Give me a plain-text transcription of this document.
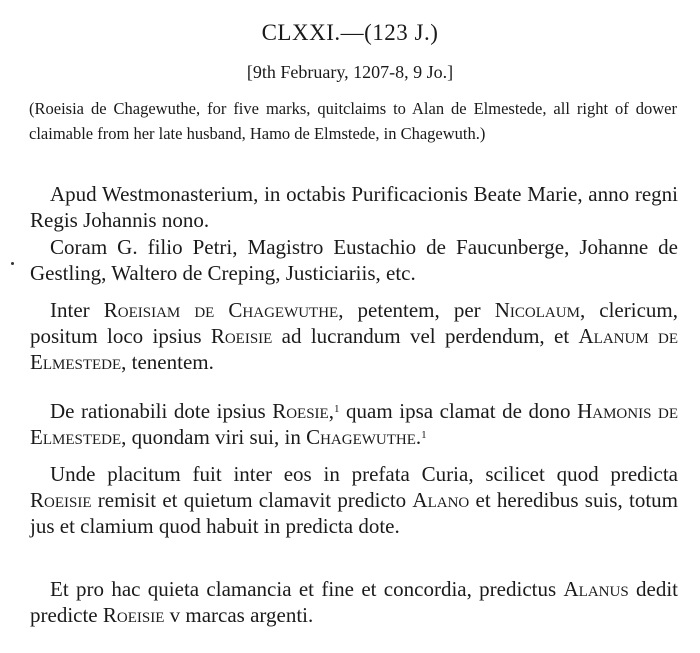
CLXXI.—(123 J.)
[9th February, 1207-8, 9 Jo.]
(Roeisia de Chagewuthe, for five marks, quitclaims to Alan de Elmestede, all right of dower claimable from her late husband, Hamo de Elmstede, in Chagewuth.)
Apud Westmonasterium, in octabis Purificacionis Beate Marie, anno regni Regis Johannis nono.
Coram G. filio Petri, Magistro Eustachio de Faucunberge, Johanne de Gestling, Waltero de Creping, Justiciariis, etc.
Inter Roeisiam de Chagewuthe, petentem, per Nicolaum, clericum, positum loco ipsius Roeisie ad lucrandum vel perdendum, et Alanum de Elmestede, tenentem.
De rationabili dote ipsius Roesie,$^1$ quam ipsa clamat de dono Hamonis de Elmestede, quondam viri sui, in Chagewuthe.$^1$
Unde placitum fuit inter eos in prefata Curia, scilicet quod predicta Roeisie remisit et quietum clamavit predicto Alano et heredibus suis, totum jus et clamium quod habuit in predicta dote.
Et pro hac quieta clamancia et fine et concordia, predictus Alanus dedit predicte Roeisie v marcas argenti.
